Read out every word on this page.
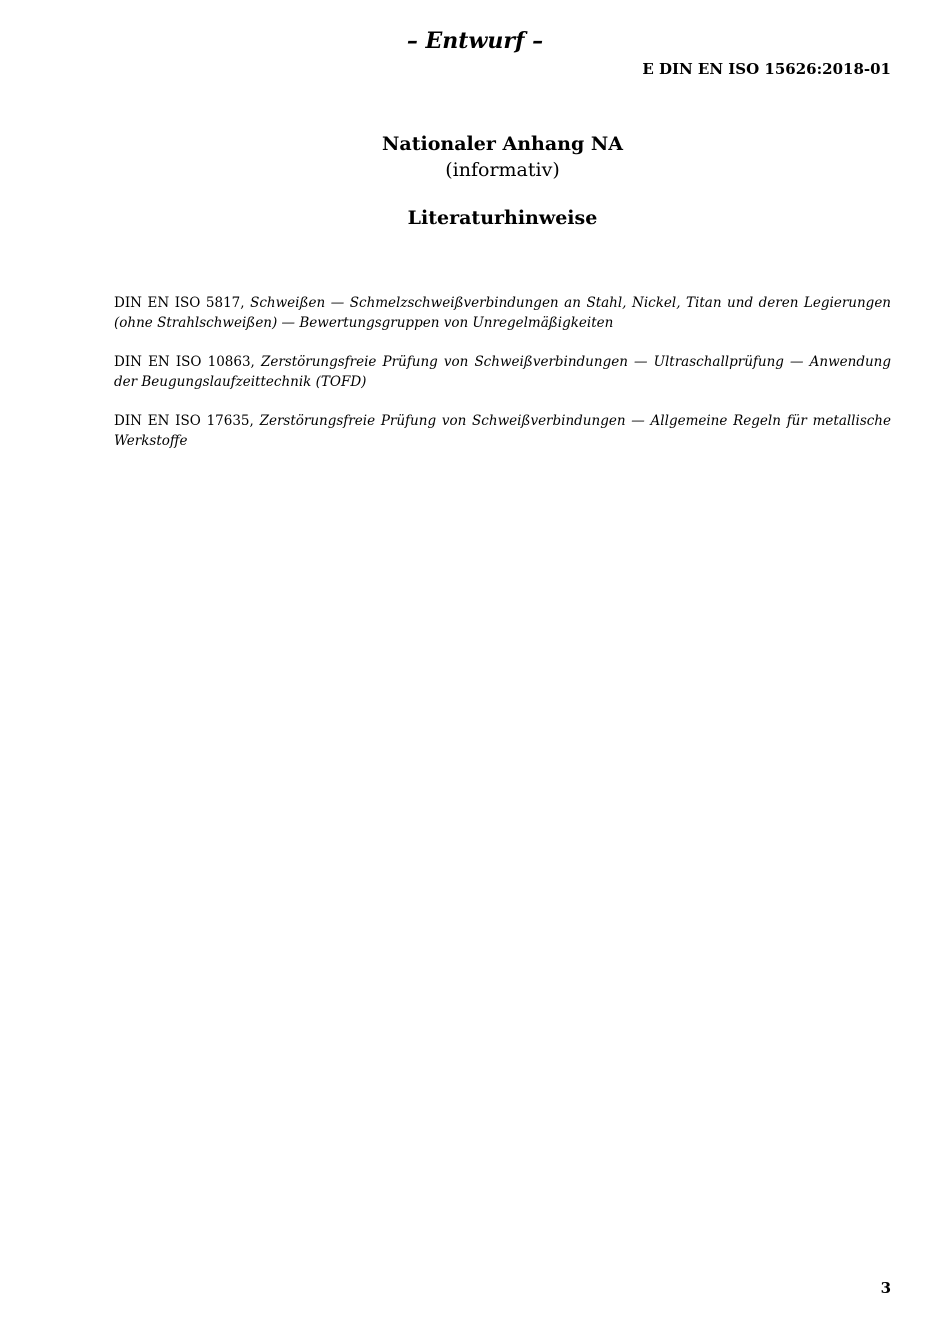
– Entwurf –
E DIN EN ISO 15626:2018-01
Nationaler Anhang NA
(informativ)
Literaturhinweise
DIN EN ISO 5817, Schweißen — Schmelzschweißverbindungen an Stahl, Nickel, Titan und deren Legierungen (ohne Strahlschweißen) — Bewertungsgruppen von Unregelmäßigkeiten
DIN EN ISO 10863, Zerstörungsfreie Prüfung von Schweißverbindungen — Ultraschallprüfung — Anwendung der Beugungslaufzeittechnik (TOFD)
DIN EN ISO 17635, Zerstörungsfreie Prüfung von Schweißverbindungen — Allgemeine Regeln für metallische Werkstoffe
3
